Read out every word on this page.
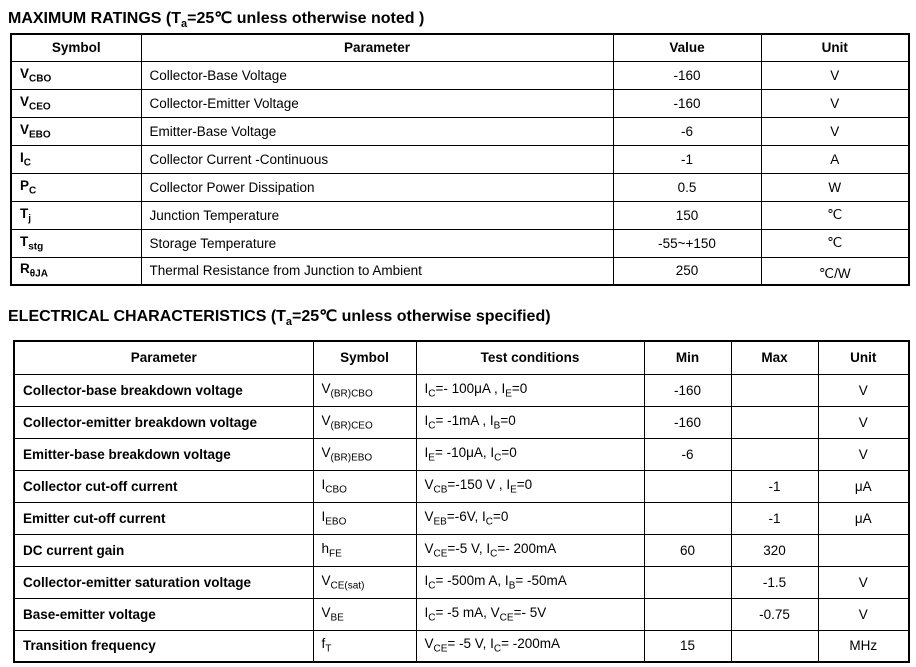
MAXIMUM RATINGS ($T_a=25℃$ unless otherwise noted )
Symbol	Parameter	Value	Unit
$V_{CBO}$	Collector-Base Voltage	-160	V
$V_{CEO}$	Collector-Emitter Voltage	-160	V
$V_{EBO}$	Emitter-Base Voltage	-6	V
$I_C$	Collector Current -Continuous	-1	A
$P_C$	Collector Power Dissipation	0.5	W
$T_j$	Junction Temperature	150	℃
$T_{stg}$	Storage Temperature	-55~+150	℃
$R_{\theta JA}$	Thermal Resistance from Junction to Ambient	250	℃/W
ELECTRICAL CHARACTERISTICS ($T_a=25℃$ unless otherwise specified)
Parameter	Symbol	Test conditions	Min	Max	Unit
Collector-base breakdown voltage	$V_{(BR)CBO}$	$I_C=-$ 100μA , $I_E=0$	-160		V
Collector-emitter breakdown voltage	$V_{(BR)CEO}$	$I_C= -1mA$ , $I_B=0$	-160		V
Emitter-base breakdown voltage	$V_{(BR)EBO}$	$I_E= -10\mu A$, $I_C=0$	-6		V
Collector cut-off current	$I_{CBO}$	$V_{CB}=-150$ V , $I_E=0$		-1	μA
Emitter cut-off current	$I_{EBO}$	$V_{EB}=-6V$, $I_C=0$		-1	μA
DC current gain	$h_{FE}$	$V_{CE}=-5$ V, $I_C=-$ 200mA	60	320	
Collector-emitter saturation voltage	$V_{CE(sat)}$	$I_C= -500m$ A, $I_B= -50mA$		-1.5	V
Base-emitter voltage	$V_{BE}$	$I_C= -5$ mA, $V_{CE}=-$ 5V		-0.75	V
Transition frequency	$f_T$	$V_{CE}= -5$ V, $I_C= -200mA$	15		MHz
